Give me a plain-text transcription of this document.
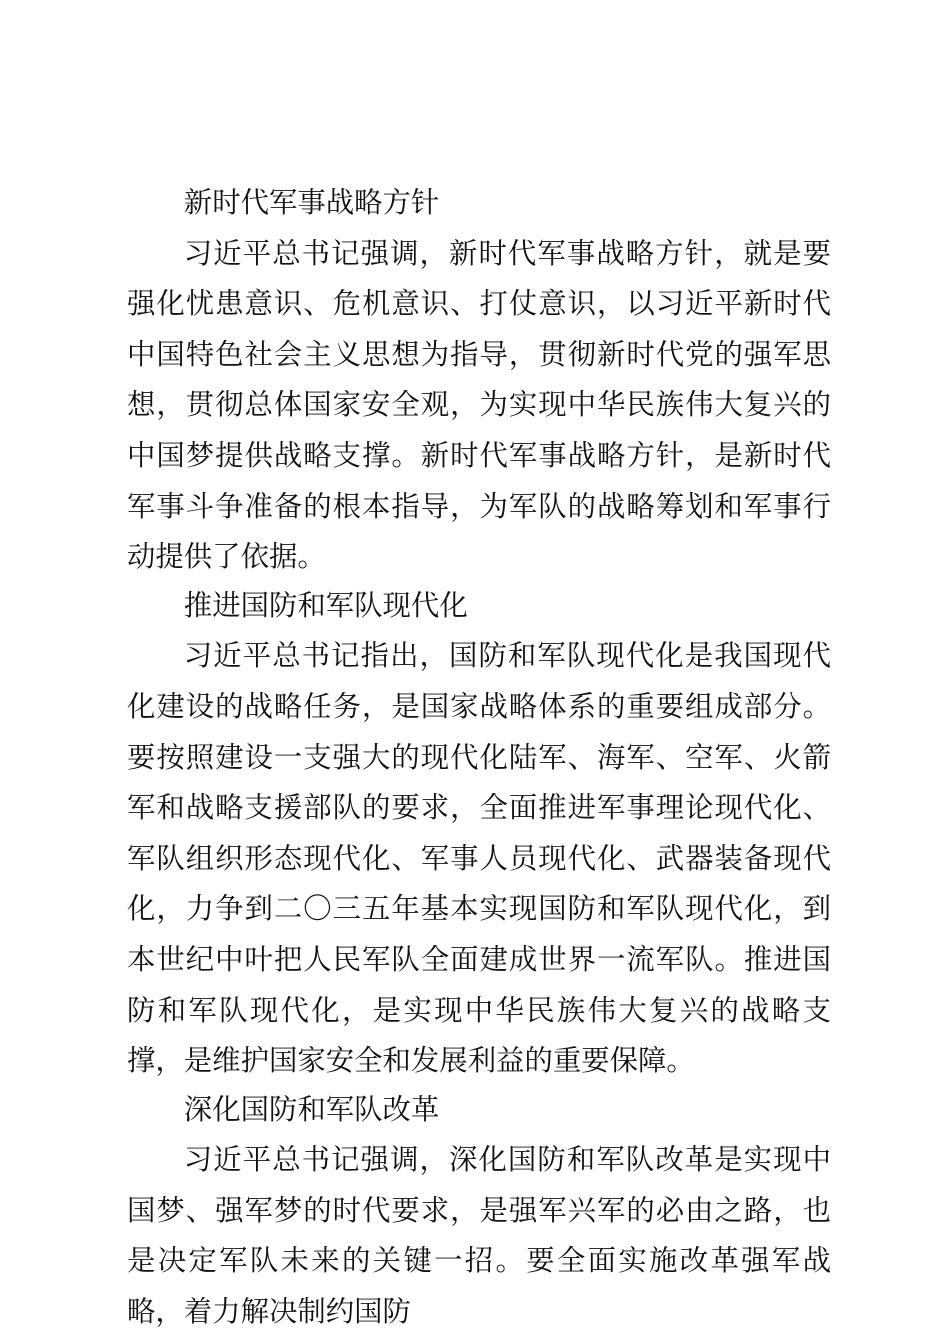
新时代军事战略方针

习近平总书记强调，新时代军事战略方针，就是要强化忧患意识、危机意识、打仗意识，以习近平新时代中国特色社会主义思想为指导，贯彻新时代党的强军思想，贯彻总体国家安全观，为实现中华民族伟大复兴的中国梦提供战略支撑。新时代军事战略方针，是新时代军事斗争准备的根本指导，为军队的战略筹划和军事行动提供了依据。

推进国防和军队现代化

习近平总书记指出，国防和军队现代化是我国现代化建设的战略任务，是国家战略体系的重要组成部分。要按照建设一支强大的现代化陆军、海军、空军、火箭军和战略支援部队的要求，全面推进军事理论现代化、军队组织形态现代化、军事人员现代化、武器装备现代化，力争到二〇三五年基本实现国防和军队现代化，到本世纪中叶把人民军队全面建成世界一流军队。推进国防和军队现代化，是实现中华民族伟大复兴的战略支撑，是维护国家安全和发展利益的重要保障。

深化国防和军队改革

习近平总书记强调，深化国防和军队改革是实现中国梦、强军梦的时代要求，是强军兴军的必由之路，也是决定军队未来的关键一招。要全面实施改革强军战略，着力解决制约国防
